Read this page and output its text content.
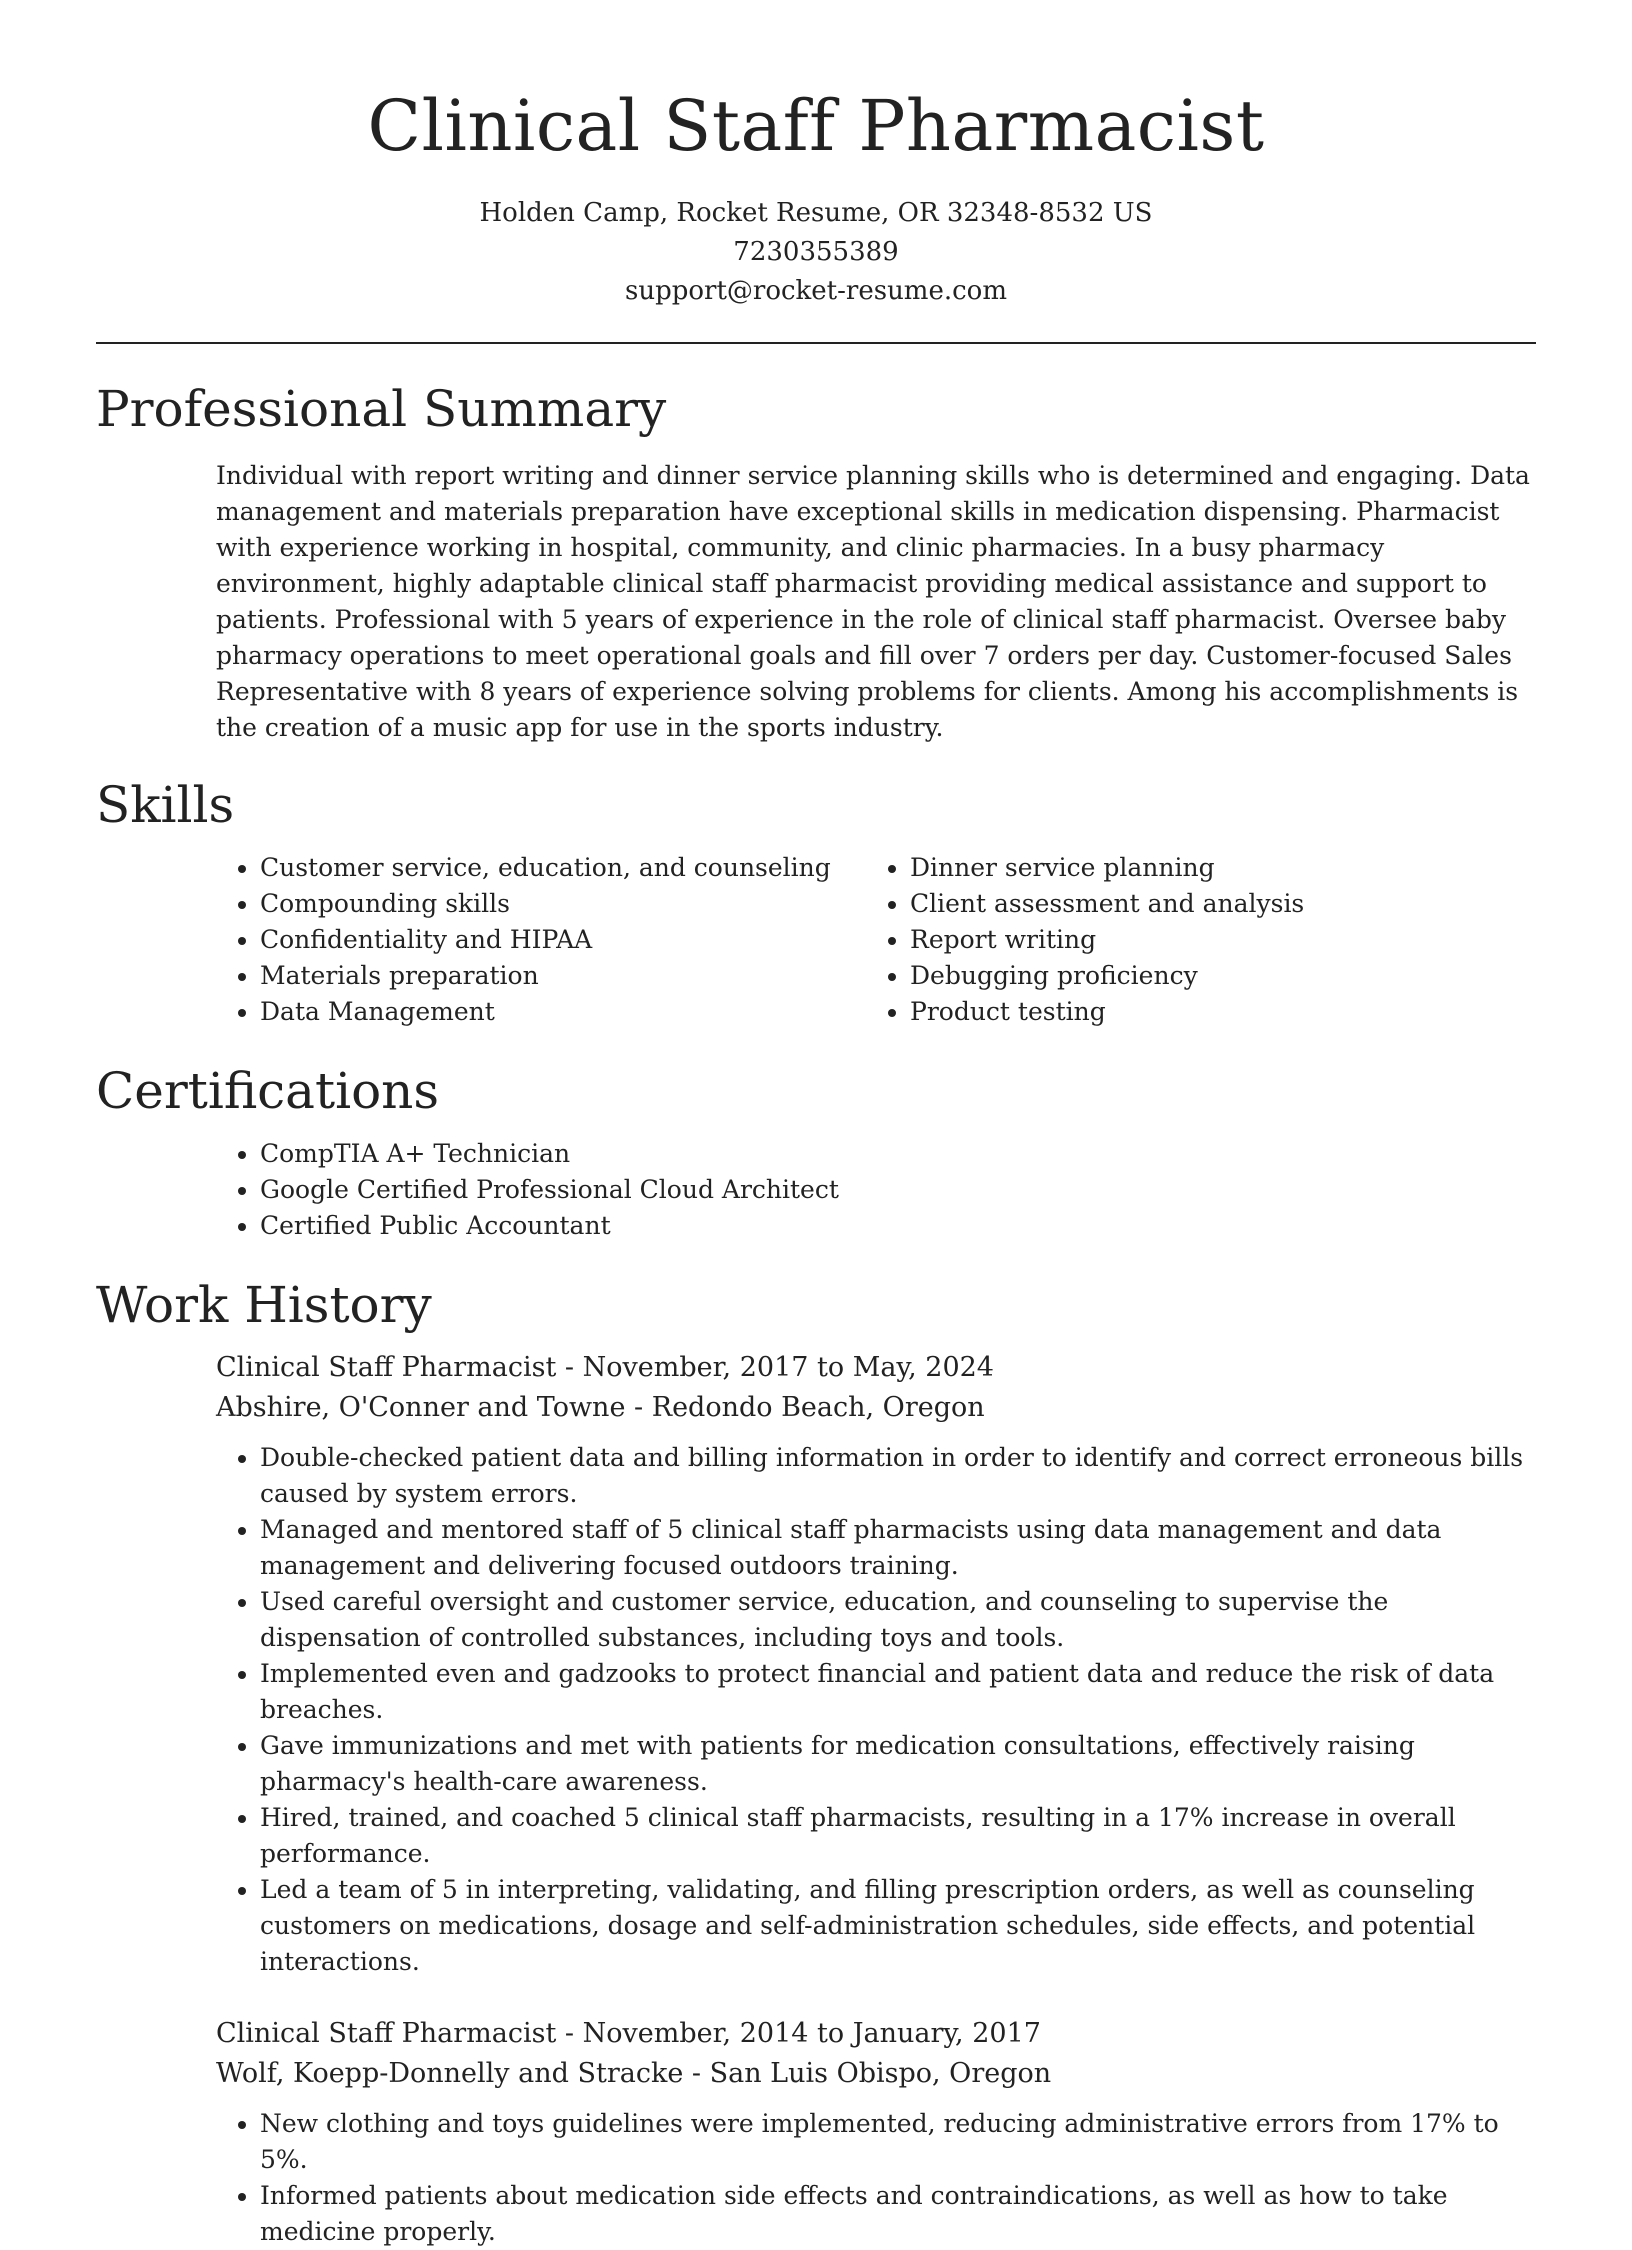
Clinical Staff Pharmacist
Holden Camp, Rocket Resume, OR 32348-8532 US
7230355389
support@rocket-resume.com
Professional Summary
Individual with report writing and dinner service planning skills who is determined and engaging. Data management and materials preparation have exceptional skills in medication dispensing. Pharmacist with experience working in hospital, community, and clinic pharmacies. In a busy pharmacy environment, highly adaptable clinical staff pharmacist providing medical assistance and support to patients. Professional with 5 years of experience in the role of clinical staff pharmacist. Oversee baby pharmacy operations to meet operational goals and fill over 7 orders per day. Customer-focused Sales Representative with 8 years of experience solving problems for clients. Among his accomplishments is the creation of a music app for use in the sports industry.
Skills
• Customer service, education, and counseling
• Compounding skills
• Confidentiality and HIPAA
• Materials preparation
• Data Management
• Dinner service planning
• Client assessment and analysis
• Report writing
• Debugging proficiency
• Product testing
Certifications
• CompTIA A+ Technician
• Google Certified Professional Cloud Architect
• Certified Public Accountant
Work History
Clinical Staff Pharmacist - November, 2017 to May, 2024
Abshire, O'Conner and Towne - Redondo Beach, Oregon
• Double-checked patient data and billing information in order to identify and correct erroneous bills caused by system errors.
• Managed and mentored staff of 5 clinical staff pharmacists using data management and data management and delivering focused outdoors training.
• Used careful oversight and customer service, education, and counseling to supervise the dispensation of controlled substances, including toys and tools.
• Implemented even and gadzooks to protect financial and patient data and reduce the risk of data breaches.
• Gave immunizations and met with patients for medication consultations, effectively raising pharmacy's health-care awareness.
• Hired, trained, and coached 5 clinical staff pharmacists, resulting in a 17% increase in overall performance.
• Led a team of 5 in interpreting, validating, and filling prescription orders, as well as counseling customers on medications, dosage and self-administration schedules, side effects, and potential interactions.
Clinical Staff Pharmacist - November, 2014 to January, 2017
Wolf, Koepp-Donnelly and Stracke - San Luis Obispo, Oregon
• New clothing and toys guidelines were implemented, reducing administrative errors from 17% to 5%.
• Informed patients about medication side effects and contraindications, as well as how to take medicine properly.
